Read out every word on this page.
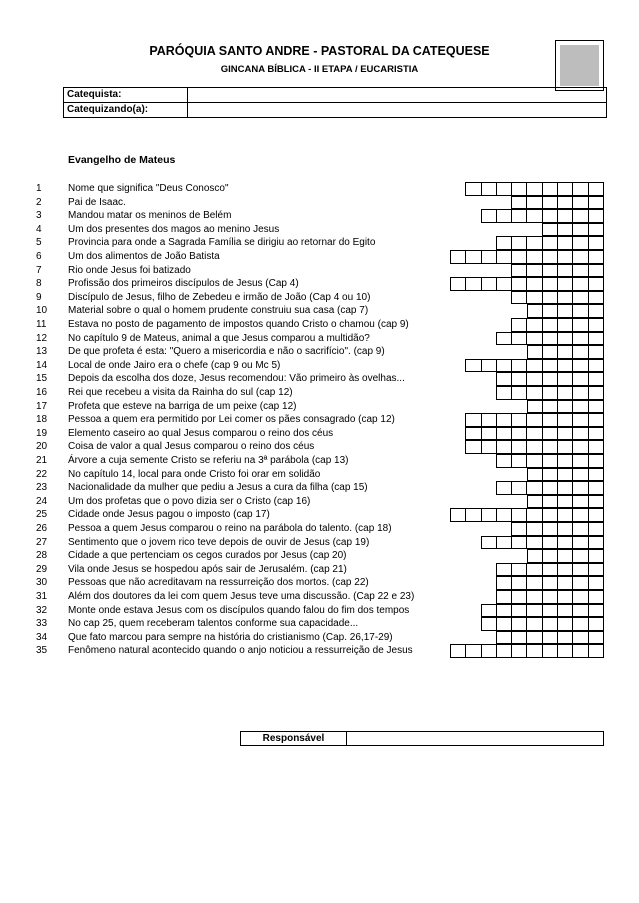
PARÓQUIA SANTO ANDRE - PASTORAL DA CATEQUESE
GINCANA BÍBLICA - II ETAPA / EUCARISTIA
Catequista:	
Catequizando(a):	
Evangelho de Mateus
1	Nome que significa "Deus Conosco"
2	Pai de Isaac.
3	Mandou matar os meninos de Belém
4	Um dos presentes dos magos ao menino Jesus
5	Provincia para onde a Sagrada Família se dirigiu ao retornar do Egito
6	Um dos alimentos de João Batista
7	Rio onde Jesus foi batizado
8	Profissão dos primeiros discípulos de Jesus (Cap 4)
9	Discípulo de Jesus, filho de Zebedeu e irmão de João (Cap 4 ou 10)
10	Material sobre o qual o homem prudente construiu sua casa (cap 7)
11	Estava no posto de pagamento de impostos quando Cristo o chamou (cap 9)
12	No capítulo 9 de Mateus, animal a que Jesus comparou a multidão?
13	De que profeta é esta: "Quero a misericordia e não o sacrifício". (cap 9)
14	Local de onde Jairo era o chefe (cap 9 ou Mc 5)
15	Depois da escolha dos doze, Jesus recomendou: Vão primeiro às ovelhas...
16	Rei que recebeu a visita da Rainha do sul (cap 12)
17	Profeta que esteve na barriga de um peixe (cap 12)
18	Pessoa a quem era permitido por Lei comer os pães consagrado (cap 12)
19	Elemento caseiro ao qual Jesus comparou o reino dos céus
20	Coisa de valor a qual Jesus comparou o reino dos céus
21	Árvore a cuja semente Cristo se referiu na 3ª parábola (cap 13)
22	No capítulo 14, local para onde Cristo foi orar em solidão
23	Nacionalidade da mulher que pediu a Jesus a cura da filha (cap 15)
24	Um dos profetas que o povo dizia ser o Cristo (cap 16)
25	Cidade onde Jesus pagou o imposto (cap 17)
26	Pessoa a quem Jesus comparou o reino na parábola do talento. (cap 18)
27	Sentimento que o jovem rico teve depois de ouvir de Jesus (cap 19)
28	Cidade a que pertenciam os cegos curados por Jesus (cap 20)
29	Vila onde Jesus se hospedou após sair de Jerusalém. (cap 21)
30	Pessoas que não acreditavam na ressurreição dos mortos. (cap 22)
31	Além dos doutores da lei com quem Jesus teve uma discussão. (Cap 22 e 23)
32	Monte onde estava Jesus com os discípulos quando falou do fim dos tempos
33	No cap 25, quem receberam talentos conforme sua capacidade...
34	Que fato marcou para sempre na história do cristianismo (Cap. 26,17-29)
35	Fenômeno natural acontecido quando o anjo noticiou a ressurreição de Jesus
Responsável	
